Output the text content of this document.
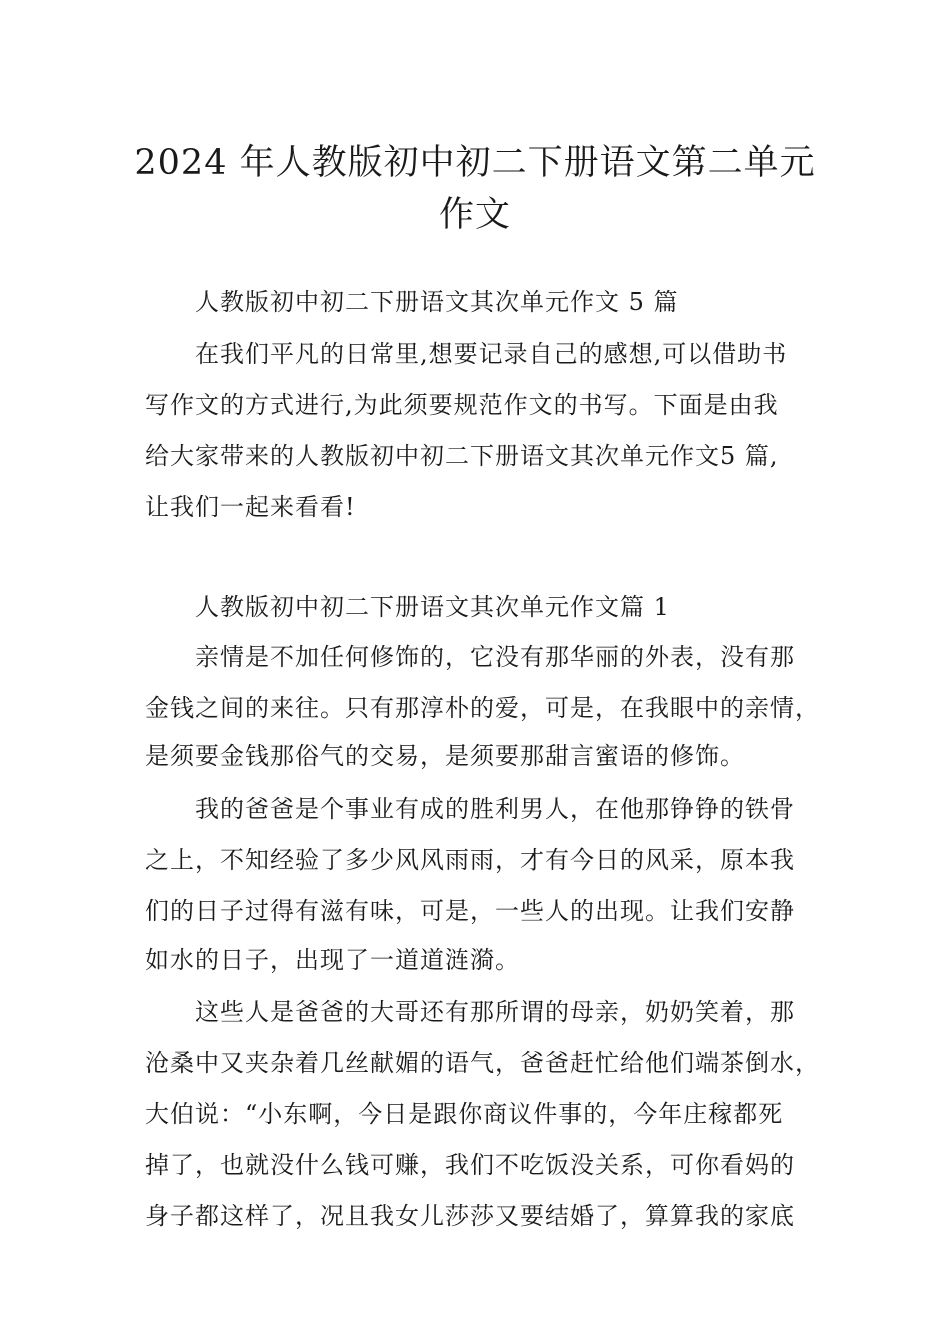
2024 年人教版初中初二下册语文第二单元
作文
人教版初中初二下册语文其次单元作文 5 篇
在我们平凡的日常里,想要记录自己的感想,可以借助书
写作文的方式进行,为此须要规范作文的书写。下面是由我
给大家带来的人教版初中初二下册语文其次单元作文5 篇,
让我们一起来看看!
人教版初中初二下册语文其次单元作文篇 1
亲情是不加任何修饰的，它没有那华丽的外表，没有那
金钱之间的来往。只有那淳朴的爱，可是，在我眼中的亲情，
是须要金钱那俗气的交易，是须要那甜言蜜语的修饰。
我的爸爸是个事业有成的胜利男人，在他那铮铮的铁骨
之上，不知经验了多少风风雨雨，才有今日的风采，原本我
们的日子过得有滋有味，可是，一些人的出现。让我们安静
如水的日子，出现了一道道涟漪。
这些人是爸爸的大哥还有那所谓的母亲，奶奶笑着，那
沧桑中又夹杂着几丝献媚的语气，爸爸赶忙给他们端茶倒水，
大伯说：“小东啊，今日是跟你商议件事的，今年庄稼都死
掉了，也就没什么钱可赚，我们不吃饭没关系，可你看妈的
身子都这样了，况且我女儿莎莎又要结婚了，算算我的家底
